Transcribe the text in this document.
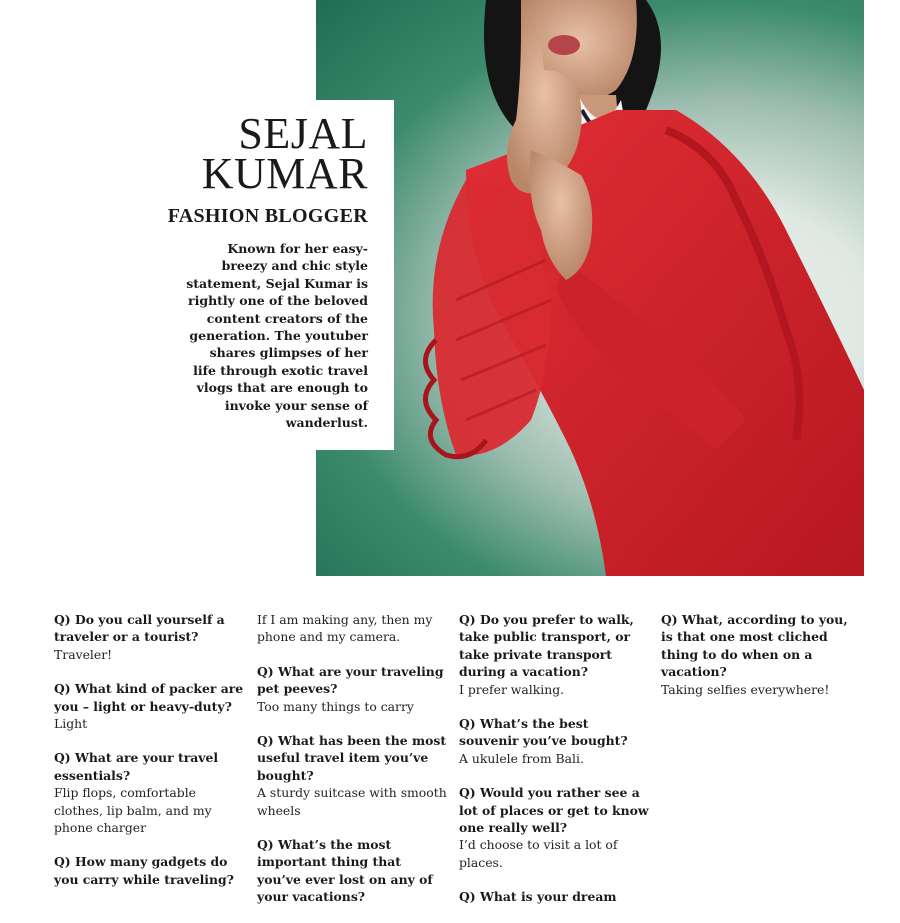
SEJAL
KUMAR

FASHION BLOGGER

Known for her easy-breezy and chic style statement, Sejal Kumar is rightly one of the beloved content creators of the generation. The youtuber shares glimpses of her life through exotic travel vlogs that are enough to invoke your sense of wanderlust.

Q) Do you call yourself a traveler or a tourist?

Traveler!

Q) What kind of packer are you – light or heavy-duty?

Light

Q) What are your travel essentials?

Flip flops, comfortable clothes, lip balm, and my phone charger

Q) How many gadgets do you carry while traveling?

If I am making any, then my phone and my camera.

Q) What are your traveling pet peeves?

Too many things to carry

Q) What has been the most useful travel item you’ve bought?

A sturdy suitcase with smooth wheels

Q) What’s the most important thing that you’ve ever lost on any of your vacations?

Q) Do you prefer to walk, take public transport, or take private transport during a vacation?

I prefer walking.

Q) What’s the best souvenir you’ve bought?

A ukulele from Bali.

Q) Would you rather see a lot of places or get to know one really well?

I’d choose to visit a lot of places.

Q) What is your dream

Q) What, according to you, is that one most cliched thing to do when on a vacation?

Taking selfies everywhere!
